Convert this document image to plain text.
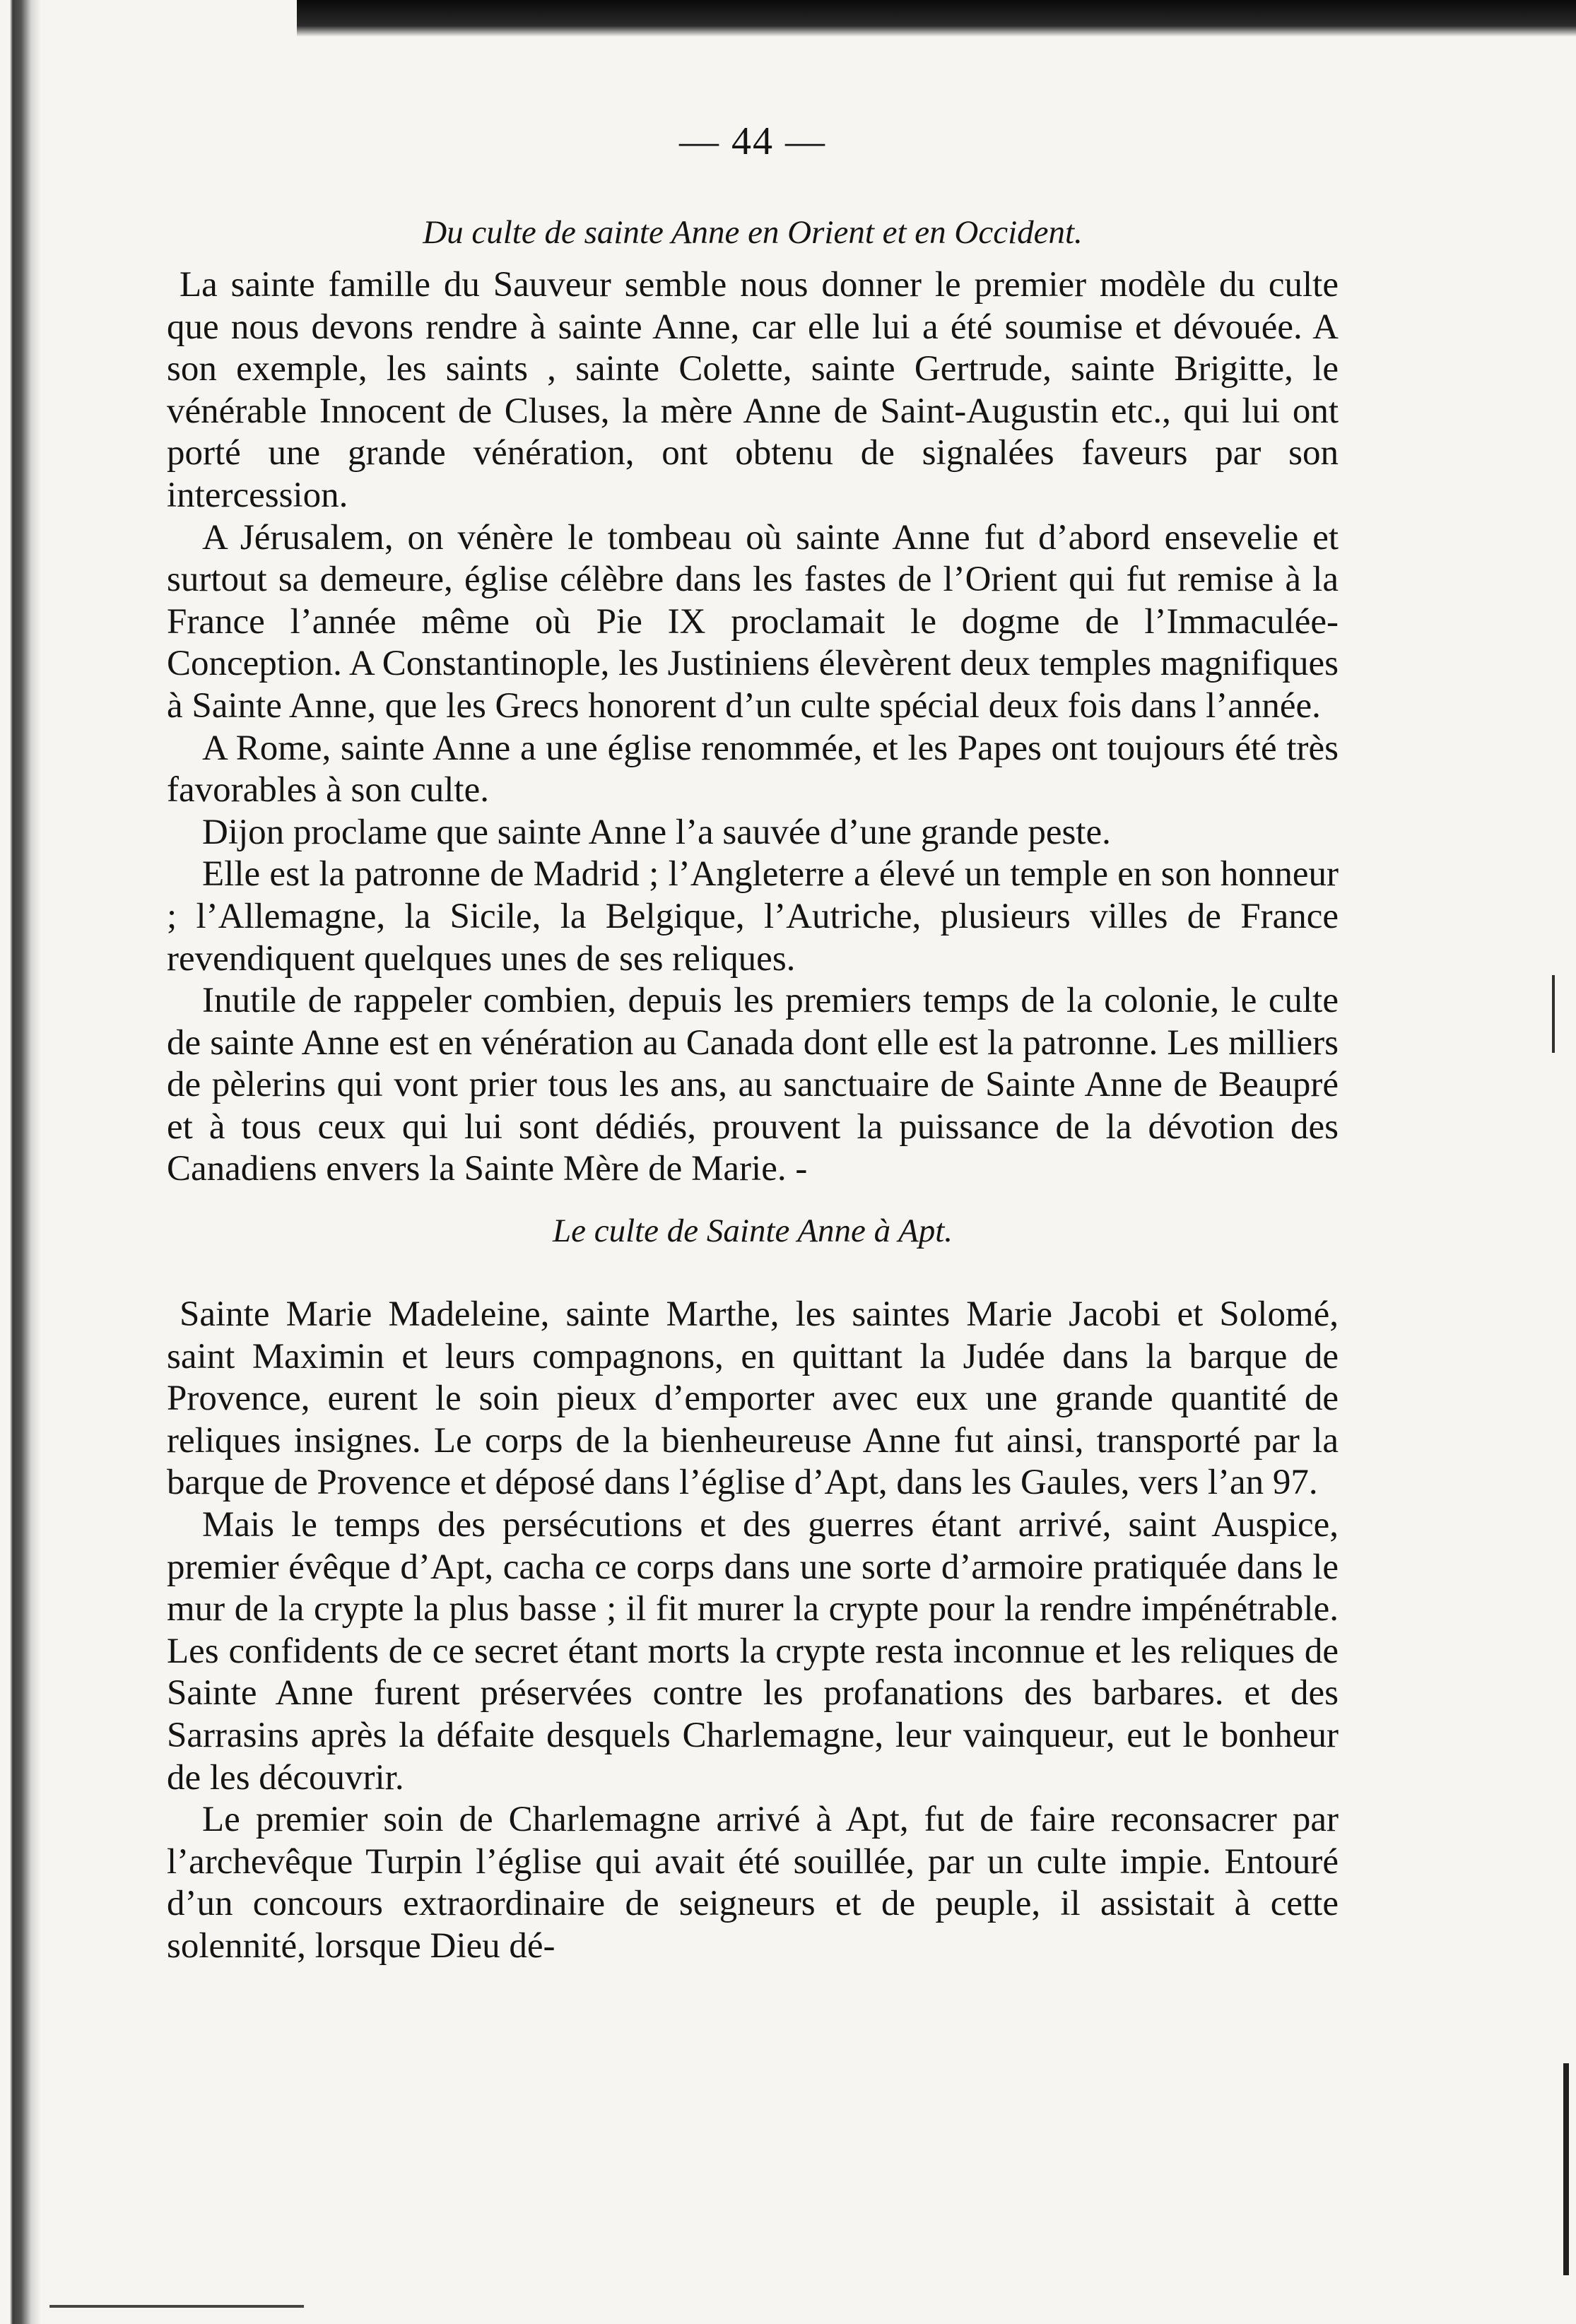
— 44 —
Du culte de sainte Anne en Orient et en Occident.

La sainte famille du Sauveur semble nous donner le premier modèle du culte que nous devons rendre à sainte Anne, car elle lui a été soumise et dévouée. A son exemple, les saints , sainte Colette, sainte Gertrude, sainte Brigitte, le vénérable Innocent de Cluses, la mère Anne de Saint-Augustin etc., qui lui ont porté une grande vénération, ont obtenu de signalées faveurs par son intercession.

A Jérusalem, on vénère le tombeau où sainte Anne fut d’abord ensevelie et surtout sa demeure, église célèbre dans les fastes de l’Orient qui fut remise à la France l’année même où Pie IX proclamait le dogme de l’Immaculée-Conception. A Constantinople, les Justiniens élevèrent deux temples magnifiques à Sainte Anne, que les Grecs honorent d’un culte spécial deux fois dans l’année.

A Rome, sainte Anne a une église renommée, et les Papes ont toujours été très favorables à son culte.

Dijon proclame que sainte Anne l’a sauvée d’une grande peste.

Elle est la patronne de Madrid ; l’Angleterre a élevé un temple en son honneur ; l’Allemagne, la Sicile, la Belgique, l’Autriche, plusieurs villes de France revendiquent quelques unes de ses reliques.

Inutile de rappeler combien, depuis les premiers temps de la colonie, le culte de sainte Anne est en vénération au Canada dont elle est la patronne. Les milliers de pèlerins qui vont prier tous les ans, au sanctuaire de Sainte Anne de Beaupré et à tous ceux qui lui sont dédiés, prouvent la puissance de la dévotion des Canadiens envers la Sainte Mère de Marie. -

Le culte de Sainte Anne à Apt.

Sainte Marie Madeleine, sainte Marthe, les saintes Marie Jacobi et Solomé, saint Maximin et leurs compagnons, en quittant la Judée dans la barque de Provence, eurent le soin pieux d’emporter avec eux une grande quantité de reliques insignes. Le corps de la bienheureuse Anne fut ainsi, transporté par la barque de Provence et déposé dans l’église d’Apt, dans les Gaules, vers l’an 97.

Mais le temps des persécutions et des guerres étant arrivé, saint Auspice, premier évêque d’Apt, cacha ce corps dans une sorte d’armoire pratiquée dans le mur de la crypte la plus basse ; il fit murer la crypte pour la rendre impénétrable. Les confidents de ce secret étant morts la crypte resta inconnue et les reliques de Sainte Anne furent préservées contre les profanations des barbares. et des Sarrasins après la défaite desquels Charlemagne, leur vainqueur, eut le bonheur de les découvrir.

Le premier soin de Charlemagne arrivé à Apt, fut de faire reconsacrer par l’archevêque Turpin l’église qui avait été souillée, par un culte impie. Entouré d’un concours extraordinaire de seigneurs et de peuple, il assistait à cette solennité, lorsque Dieu dé-
